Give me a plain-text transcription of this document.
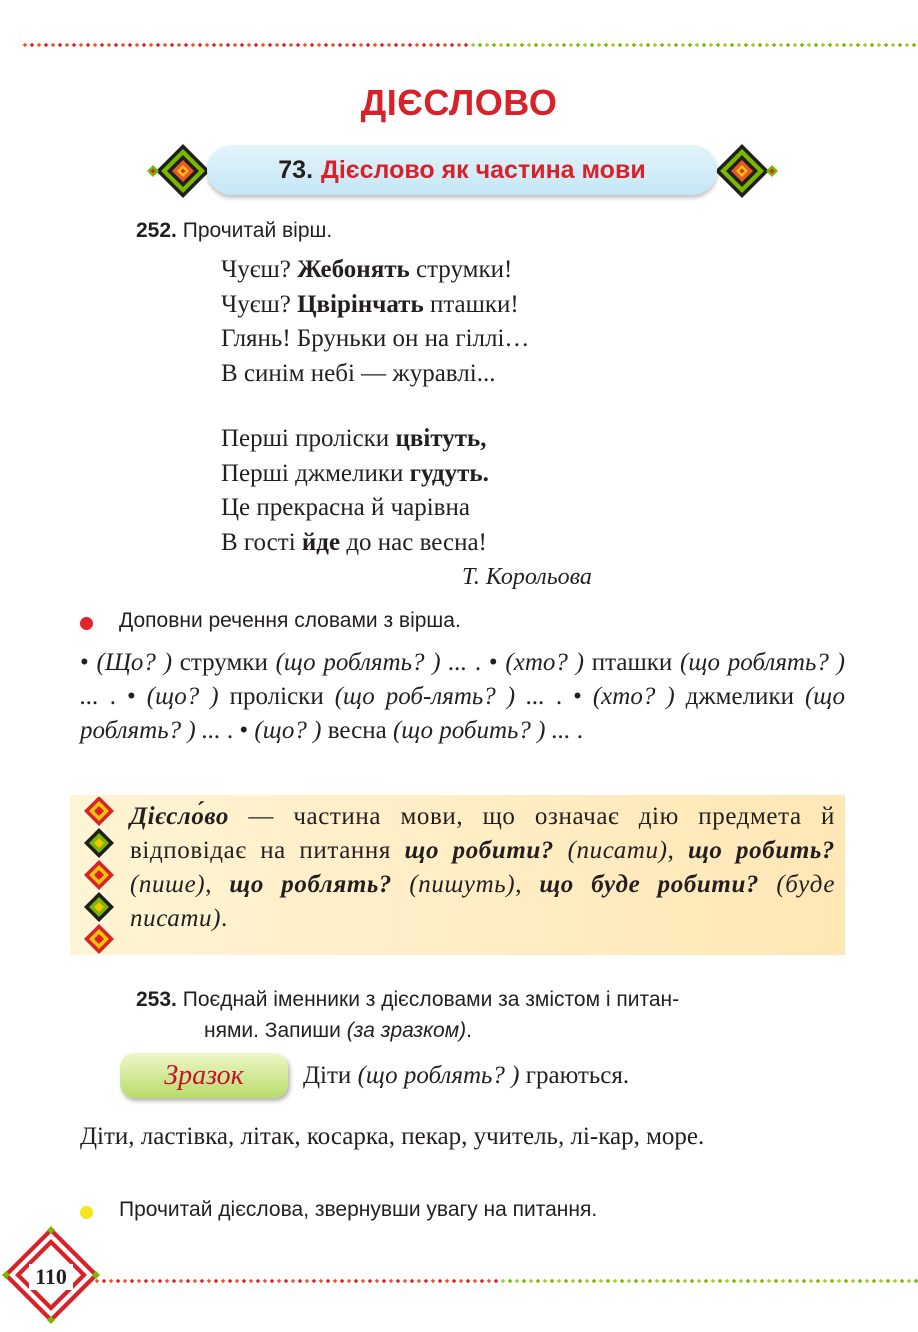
ДІЄСЛОВО
73. Дієслово як частина мови
252. Прочитай вірш.
Чуєш? Жебонять струмки!
Чуєш? Цвірінчать пташки!
Глянь! Бруньки он на гіллі…
В синім небі — журавлі...
Перші проліски цвітуть,
Перші джмелики гудуть.
Це прекрасна й чарівна
В гості йде до нас весна!
Т. Корольова
Доповни речення словами з вірша.
• (Що? ) струмки (що роблять? ) ... . • (хто? ) пташки (що роблять? ) ... . • (що? ) проліски (що роб-лять? ) ... . • (хто? ) джмелики (що роблять? ) ... . • (що? ) весна (що робить? ) ... .
Дієсло́во — частина мови, що означає дію предмета й відповідає на питання що робити? (писати), що робить? (пише), що роблять? (пишуть), що буде робити? (буде писати).
253. Поєднай іменники з дієсловами за змістом і питан-
нями. Запиши (за зразком).
Зразок	Діти (що роблять? ) граються.
Діти, ластівка, літак, косарка, пекар, учитель, лі-кар, море.
Прочитай дієслова, звернувши увагу на питання.
110
